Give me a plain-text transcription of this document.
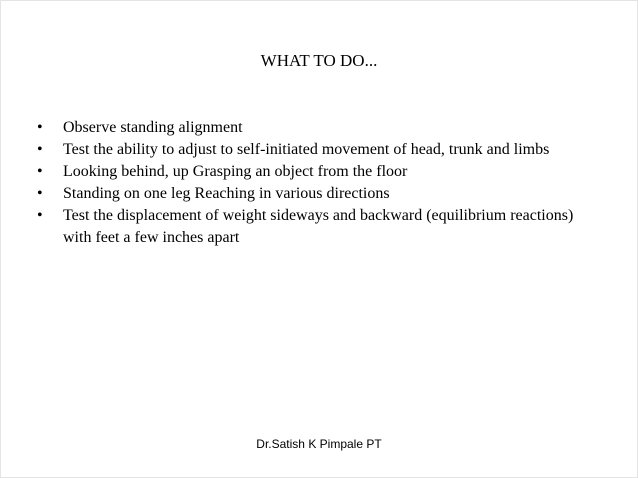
WHAT TO DO...
•	Observe standing alignment
•	Test the ability to adjust to self-initiated movement of head, trunk and limbs
•	Looking behind, up Grasping an object from the floor
•	Standing on one leg Reaching in various directions
•	Test the displacement of weight sideways and backward (equilibrium reactions) with feet a few inches apart
Dr.Satish K Pimpale PT
